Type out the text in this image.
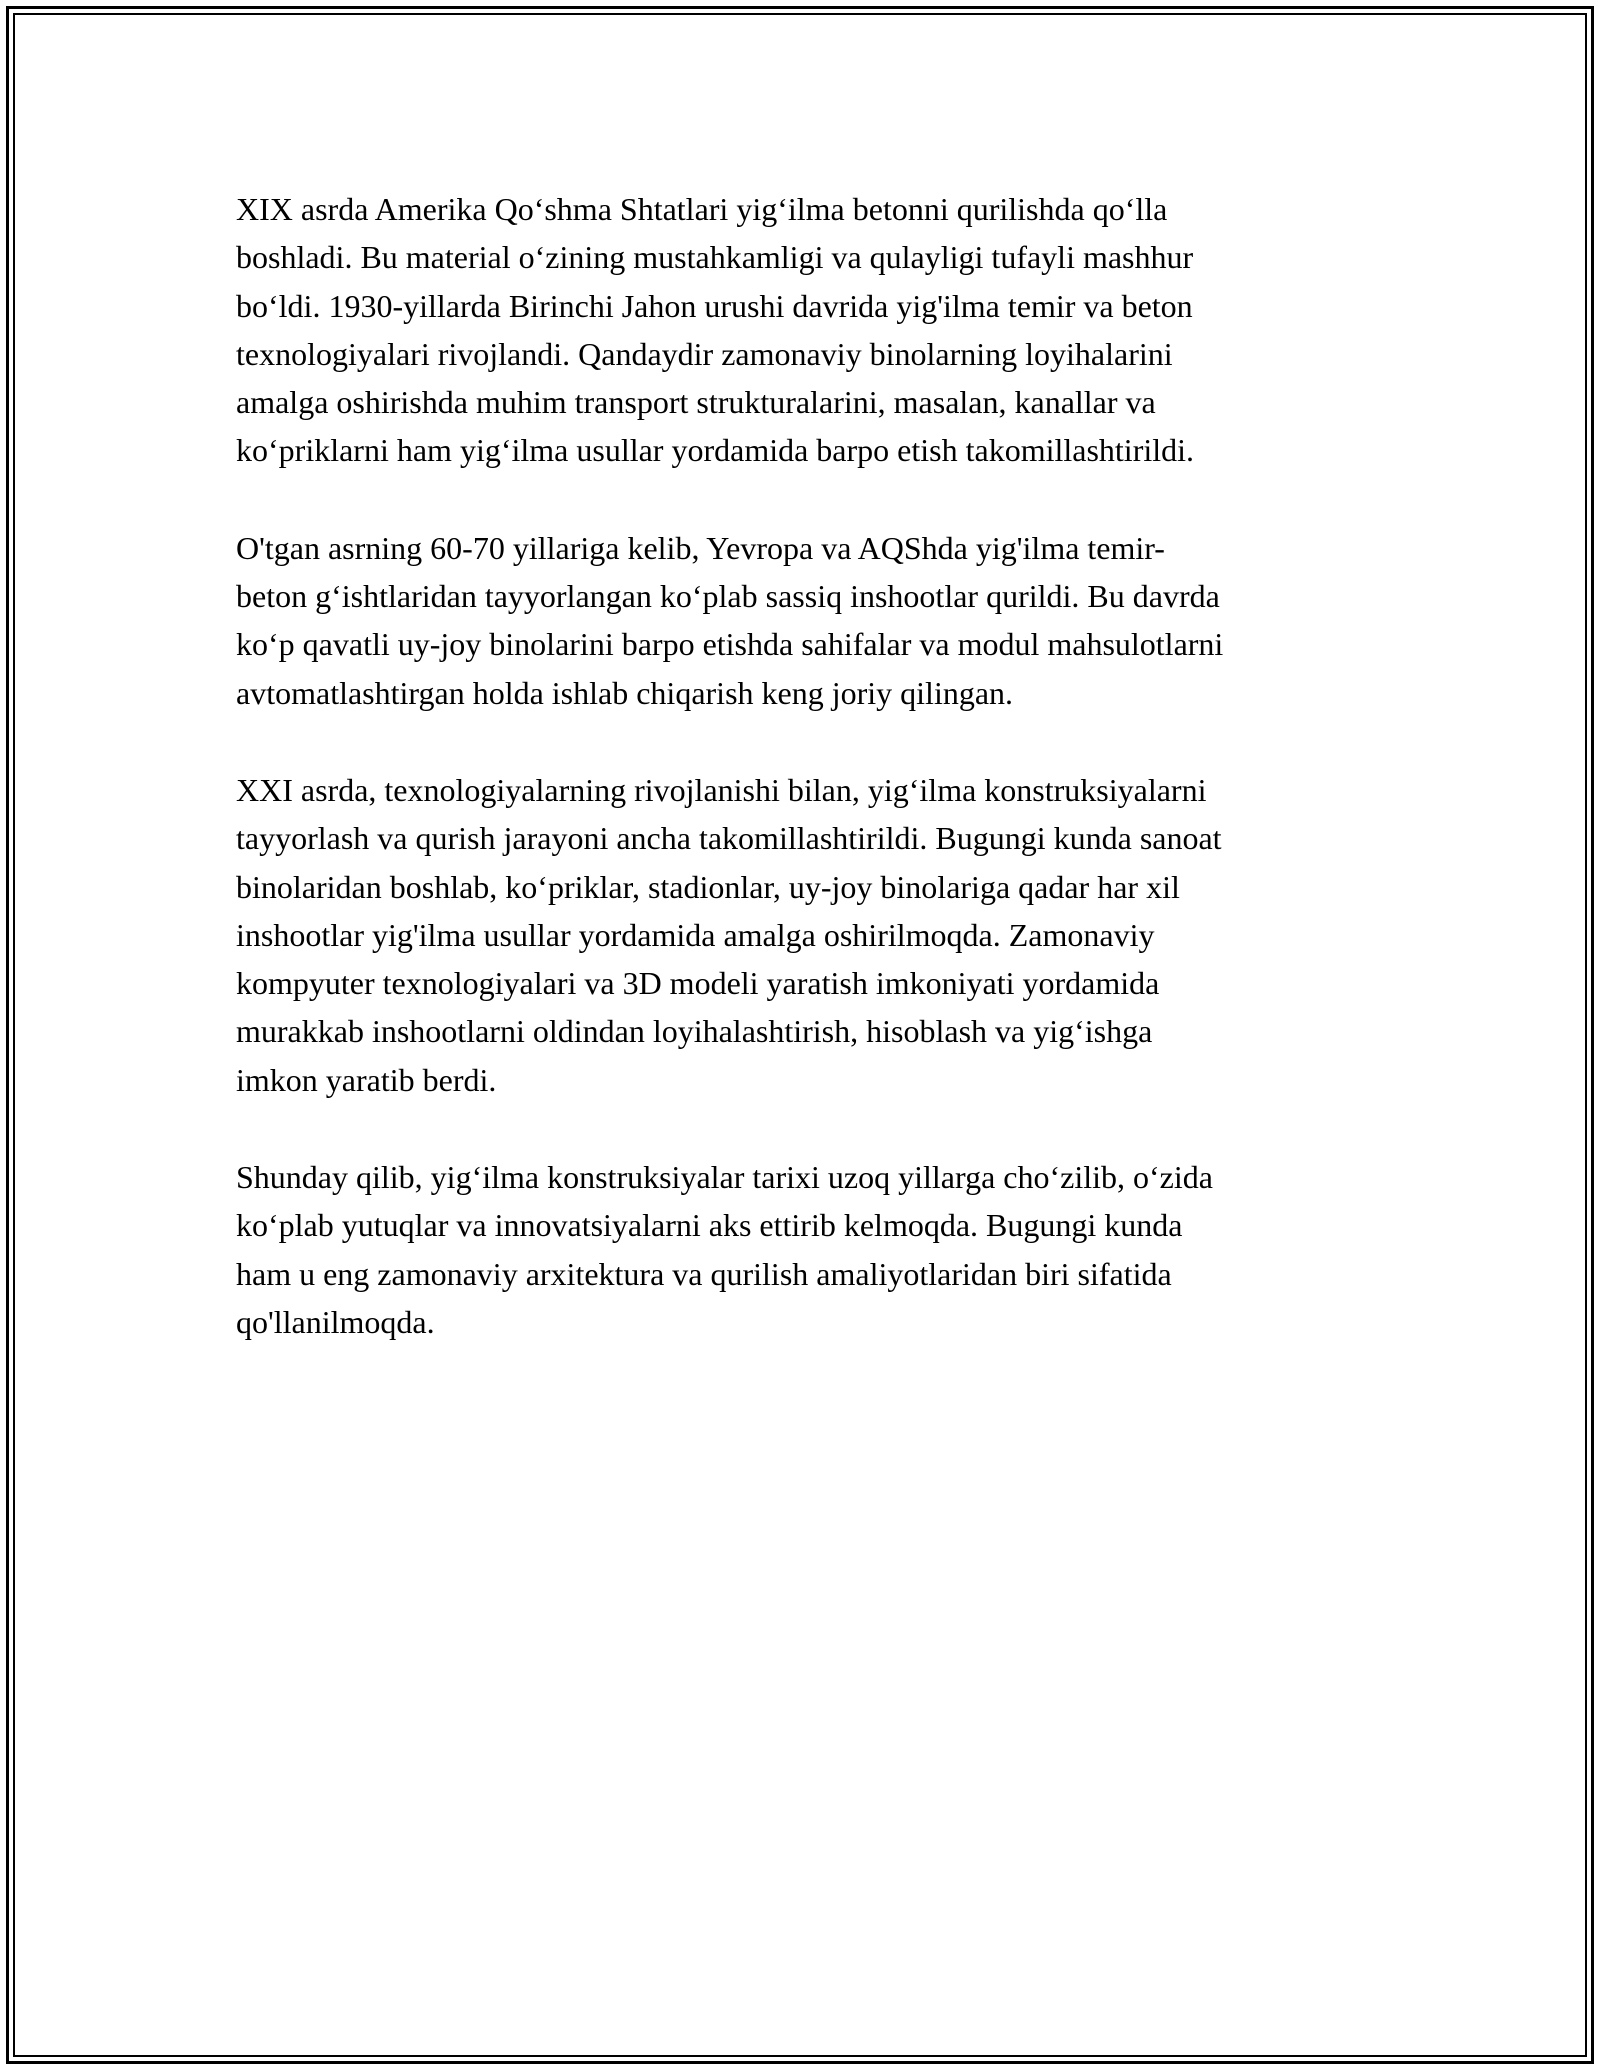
XIX asrda Amerika Qo‘shma Shtatlari yig‘ilma betonni qurilishda qo‘lla
boshladi. Bu material o‘zining mustahkamligi va qulayligi tufayli mashhur
bo‘ldi. 1930-yillarda Birinchi Jahon urushi davrida yig'ilma temir va beton
texnologiyalari rivojlandi. Qandaydir zamonaviy binolarning loyihalarini
amalga oshirishda muhim transport strukturalarini, masalan, kanallar va
ko‘priklarni ham yig‘ilma usullar yordamida barpo etish takomillashtirildi.

O'tgan asrning 60-70 yillariga kelib, Yevropa va AQShda yig'ilma temir-
beton g‘ishtlaridan tayyorlangan ko‘plab sassiq inshootlar qurildi. Bu davrda
ko‘p qavatli uy-joy binolarini barpo etishda sahifalar va modul mahsulotlarni
avtomatlashtirgan holda ishlab chiqarish keng joriy qilingan.

XXI asrda, texnologiyalarning rivojlanishi bilan, yig‘ilma konstruksiyalarni
tayyorlash va qurish jarayoni ancha takomillashtirildi. Bugungi kunda sanoat
binolaridan boshlab, ko‘priklar, stadionlar, uy-joy binolariga qadar har xil
inshootlar yig'ilma usullar yordamida amalga oshirilmoqda. Zamonaviy
kompyuter texnologiyalari va 3D modeli yaratish imkoniyati yordamida
murakkab inshootlarni oldindan loyihalashtirish, hisoblash va yig‘ishga
imkon yaratib berdi.

Shunday qilib, yig‘ilma konstruksiyalar tarixi uzoq yillarga cho‘zilib, o‘zida
ko‘plab yutuqlar va innovatsiyalarni aks ettirib kelmoqda. Bugungi kunda
ham u eng zamonaviy arxitektura va qurilish amaliyotlaridan biri sifatida
qo'llanilmoqda.
